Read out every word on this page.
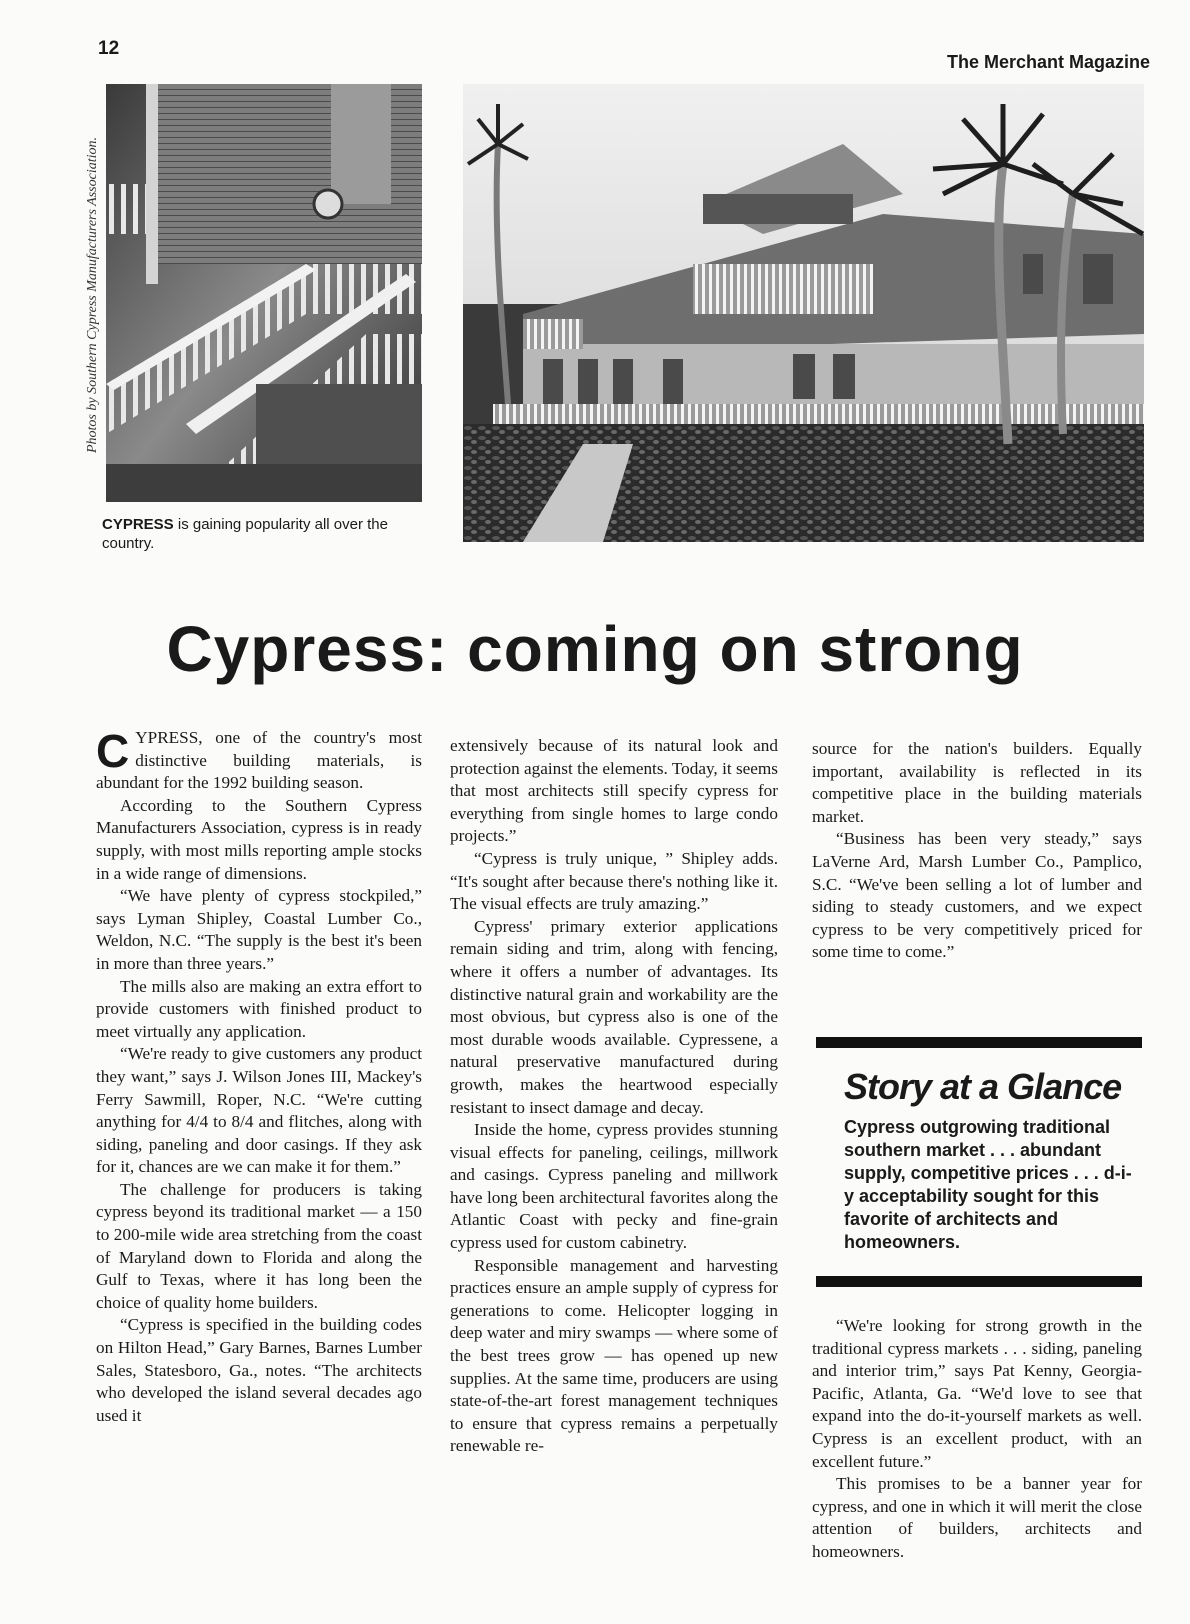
12
The Merchant Magazine
Photos by Southern Cypress Manufacturers Association.
CYPRESS is gaining popularity all over the country.
Cypress: coming on strong

CYPRESS, one of the country's most distinctive building materials, is abundant for the 1992 building season.

According to the Southern Cypress Manufacturers Association, cypress is in ready supply, with most mills reporting ample stocks in a wide range of dimensions.

“We have plenty of cypress stockpiled,” says Lyman Shipley, Coastal Lumber Co., Weldon, N.C. “The supply is the best it's been in more than three years.”

The mills also are making an extra effort to provide customers with finished product to meet virtually any application.

“We're ready to give customers any product they want,” says J. Wilson Jones III, Mackey's Ferry Sawmill, Roper, N.C. “We're cutting anything for 4/4 to 8/4 and flitches, along with siding, paneling and door casings. If they ask for it, chances are we can make it for them.”

The challenge for producers is taking cypress beyond its traditional market — a 150 to 200-mile wide area stretching from the coast of Maryland down to Florida and along the Gulf to Texas, where it has long been the choice of quality home builders.

“Cypress is specified in the building codes on Hilton Head,” Gary Barnes, Barnes Lumber Sales, Statesboro, Ga., notes. “The architects who developed the island several decades ago used it

extensively because of its natural look and protection against the elements. Today, it seems that most architects still specify cypress for everything from single homes to large condo projects.”

“Cypress is truly unique, ” Shipley adds. “It's sought after because there's nothing like it. The visual effects are truly amazing.”

Cypress' primary exterior applications remain siding and trim, along with fencing, where it offers a number of advantages. Its distinctive natural grain and workability are the most obvious, but cypress also is one of the most durable woods available. Cypressene, a natural preservative manufactured during growth, makes the heartwood especially resistant to insect damage and decay.

Inside the home, cypress provides stunning visual effects for paneling, ceilings, millwork and casings. Cypress paneling and millwork have long been architectural favorites along the Atlantic Coast with pecky and fine-grain cypress used for custom cabinetry.

Responsible management and harvesting practices ensure an ample supply of cypress for generations to come. Helicopter logging in deep water and miry swamps — where some of the best trees grow — has opened up new supplies. At the same time, producers are using state-of-the-art forest management techniques to ensure that cypress remains a perpetually renewable re-

source for the nation's builders. Equally important, availability is reflected in its competitive place in the building materials market.

“Business has been very steady,” says LaVerne Ard, Marsh Lumber Co., Pamplico, S.C. “We've been selling a lot of lumber and siding to steady customers, and we expect cypress to be very competitively priced for some time to come.”

Story at a Glance

Cypress outgrowing traditional southern market . . . abundant supply, competitive prices . . . d-i-y acceptability sought for this favorite of architects and homeowners.

“We're looking for strong growth in the traditional cypress markets . . . siding, paneling and interior trim,” says Pat Kenny, Georgia-Pacific, Atlanta, Ga. “We'd love to see that expand into the do-it-yourself markets as well. Cypress is an excellent product, with an excellent future.”

This promises to be a banner year for cypress, and one in which it will merit the close attention of builders, architects and homeowners.
